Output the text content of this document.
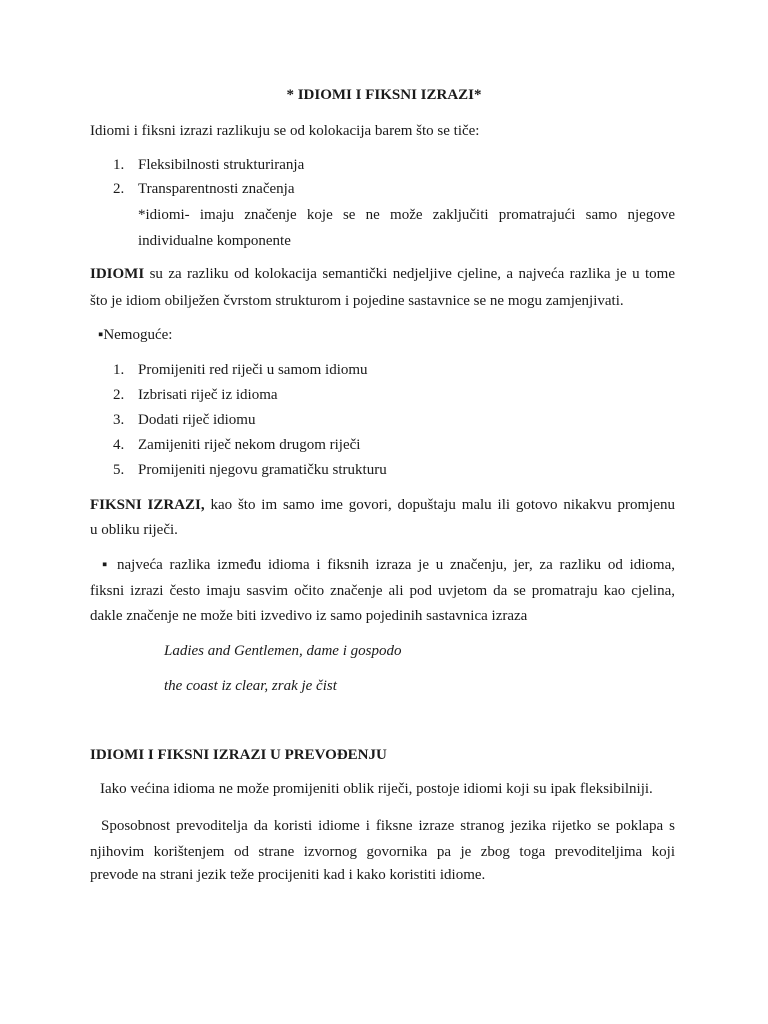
* IDIOMI I FIKSNI IZRAZI*
Idiomi i fiksni izrazi razlikuju se od kolokacija barem što se tiče:
1. Fleksibilnosti strukturiranja
2. Transparentnosti značenja
*idiomi- imaju značenje koje se ne može zaključiti promatrajući samo njegove
individualne komponente
IDIOMI su za razliku od kolokacija semantički nedjeljive cjeline, a najveća razlika je u tome
što je idiom obilježen čvrstom strukturom i pojedine sastavnice se ne mogu zamjenjivati.
▪Nemoguće:
1. Promijeniti red riječi u samom idiomu
2. Izbrisati riječ iz idioma
3. Dodati riječ idiomu
4. Zamijeniti riječ nekom drugom riječi
5. Promijeniti njegovu gramatičku strukturu
FIKSNI IZRAZI, kao što im samo ime govori, dopuštaju malu ili gotovo nikakvu promjenu
u obliku riječi.
▪ najveća razlika između idioma i fiksnih izraza je u značenju, jer, za razliku od idioma,
fiksni izrazi često imaju sasvim očito značenje ali pod uvjetom da se promatraju kao cjelina,
dakle značenje ne može biti izvedivo iz samo pojedinih sastavnica izraza
Ladies and Gentlemen, dame i gospodo
the coast iz clear, zrak je čist
IDIOMI I FIKSNI IZRAZI U PREVOĐENJU
Iako većina idioma ne može promijeniti oblik riječi, postoje idiomi koji su ipak fleksibilniji.
Sposobnost prevoditelja da koristi idiome i fiksne izraze stranog jezika rijetko se poklapa s
njihovim korištenjem od strane izvornog govornika pa je zbog toga prevoditeljima koji
prevode na strani jezik teže procijeniti kad i kako koristiti idiome.
